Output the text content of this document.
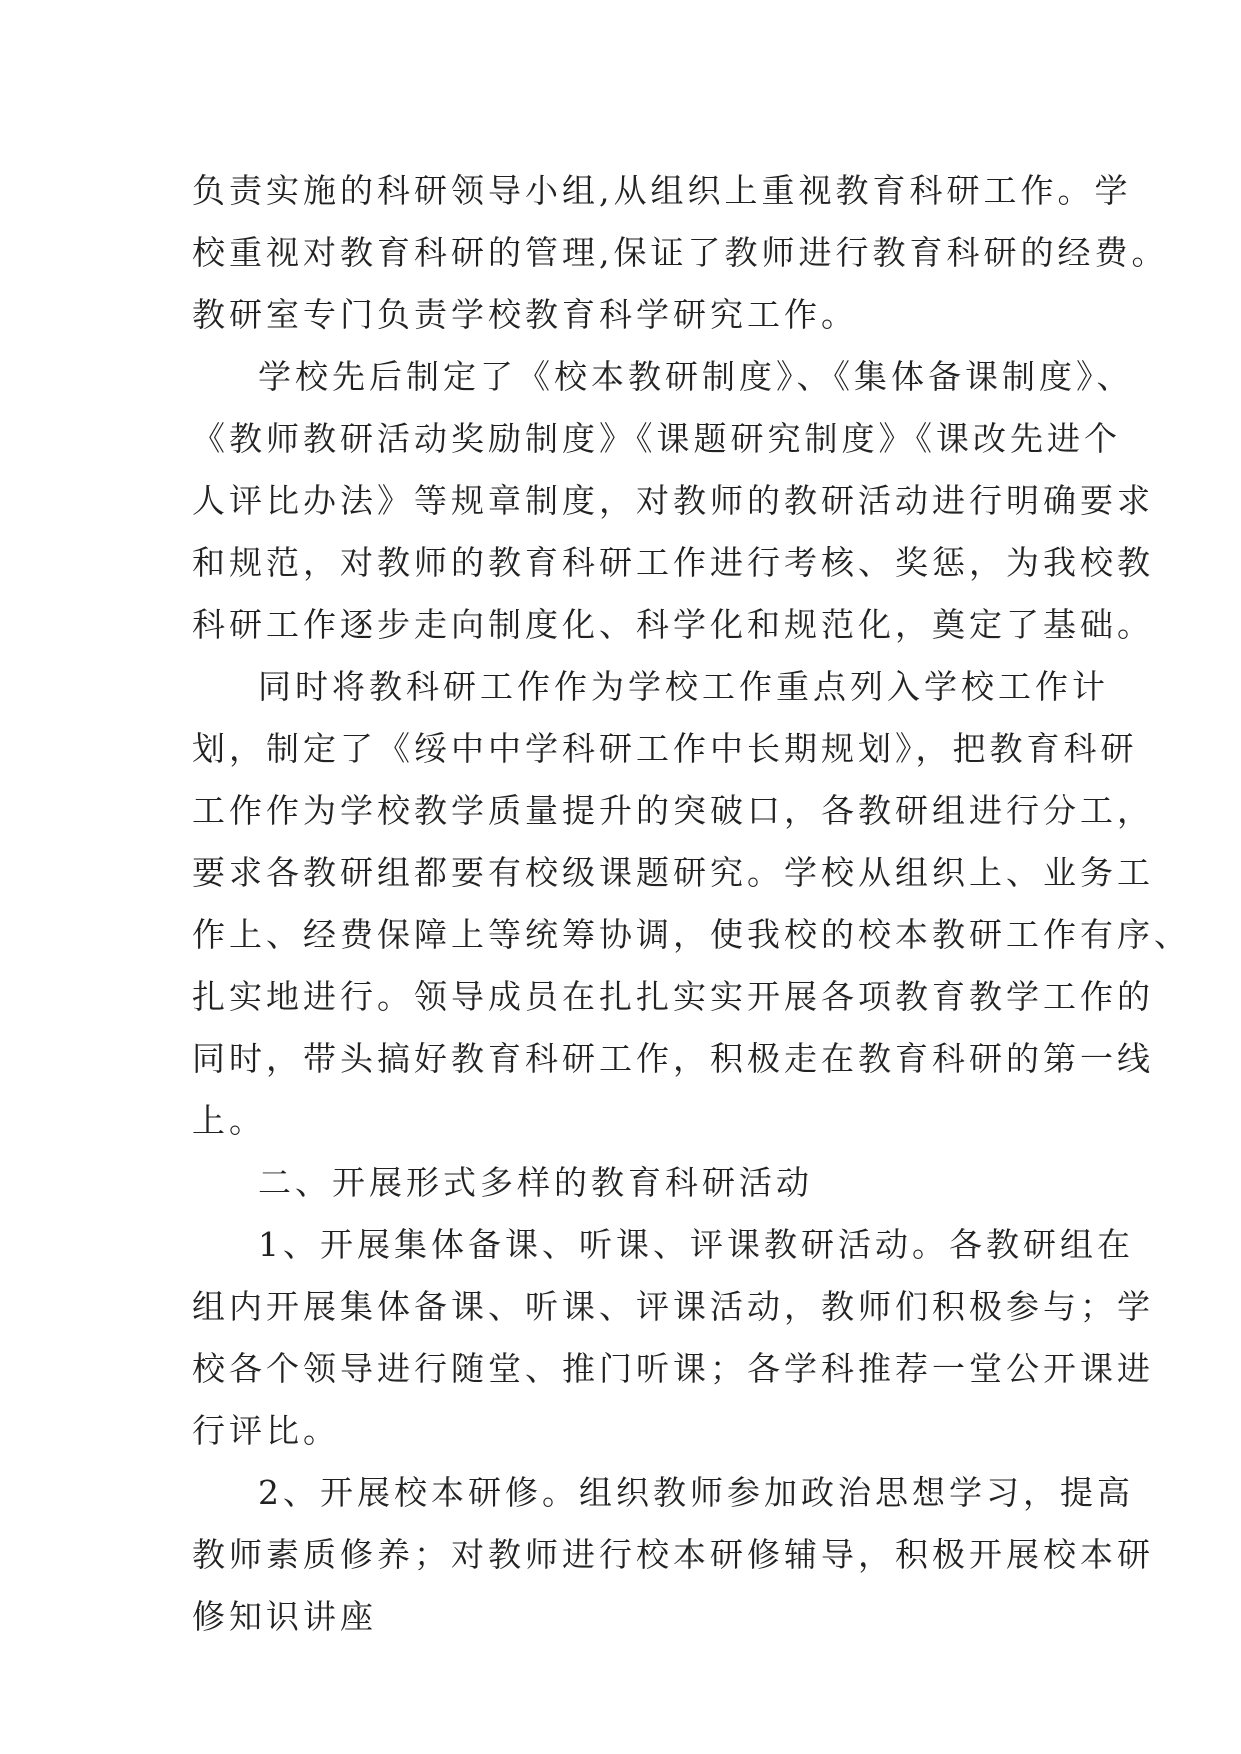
负责实施的科研领导小组,从组织上重视教育科研工作。学
校重视对教育科研的管理,保证了教师进行教育科研的经费。
教研室专门负责学校教育科学研究工作。
学校先后制定了《校本教研制度》、《集体备课制度》、
《教师教研活动奖励制度》《课题研究制度》《课改先进个
人评比办法》等规章制度，对教师的教研活动进行明确要求
和规范，对教师的教育科研工作进行考核、奖惩，为我校教
科研工作逐步走向制度化、科学化和规范化，奠定了基础。
同时将教科研工作作为学校工作重点列入学校工作计
划，制定了《绥中中学科研工作中长期规划》，把教育科研
工作作为学校教学质量提升的突破口，各教研组进行分工，
要求各教研组都要有校级课题研究。学校从组织上、业务工
作上、经费保障上等统筹协调，使我校的校本教研工作有序、
扎实地进行。领导成员在扎扎实实开展各项教育教学工作的
同时，带头搞好教育科研工作，积极走在教育科研的第一线
上。
二、开展形式多样的教育科研活动
1、开展集体备课、听课、评课教研活动。各教研组在
组内开展集体备课、听课、评课活动，教师们积极参与；学
校各个领导进行随堂、推门听课；各学科推荐一堂公开课进
行评比。
2、开展校本研修。组织教师参加政治思想学习，提高
教师素质修养；对教师进行校本研修辅导，积极开展校本研
修知识讲座
